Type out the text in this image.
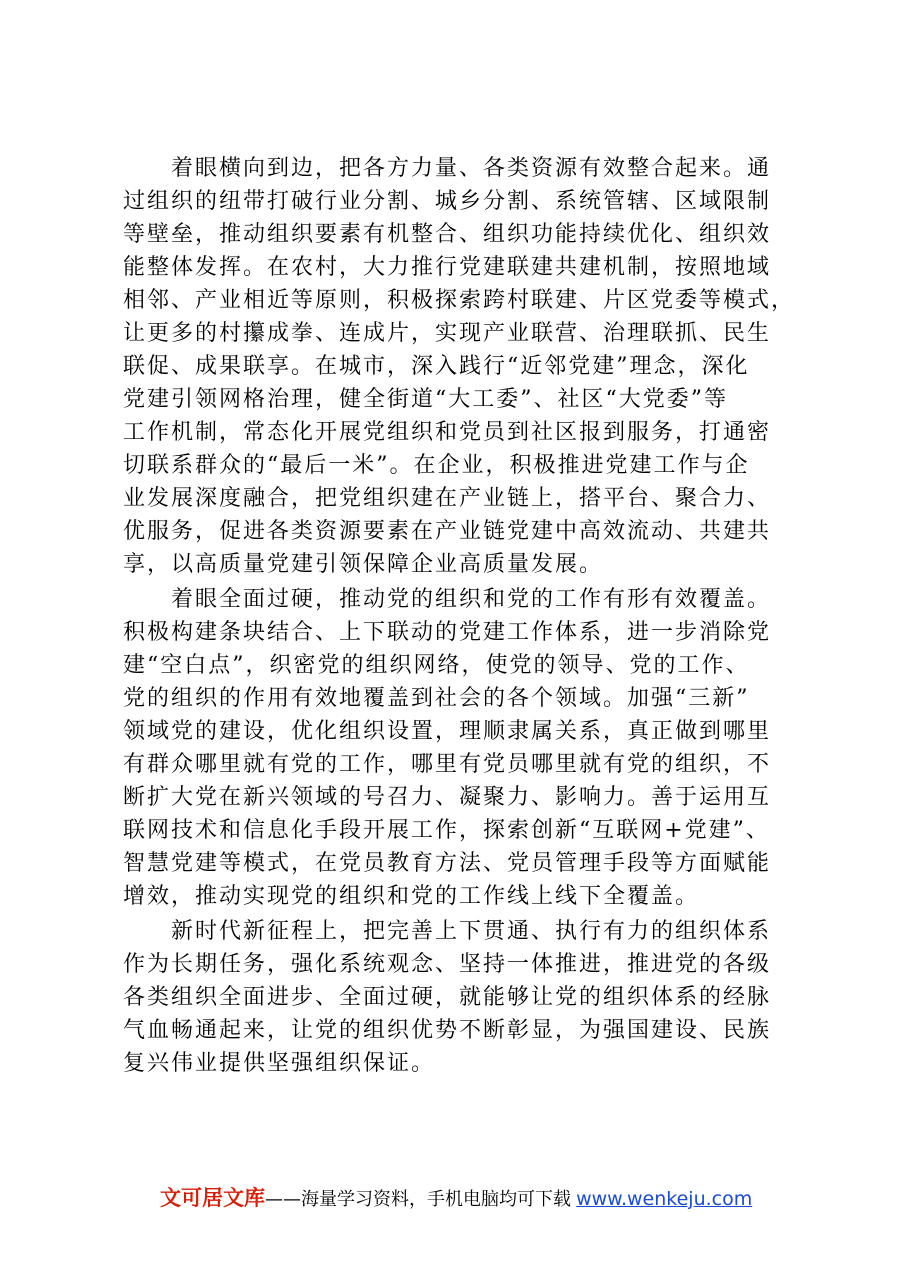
　　着眼横向到边，把各方力量、各类资源有效整合起来。通
过组织的纽带打破行业分割、城乡分割、系统管辖、区域限制
等壁垒，推动组织要素有机整合、组织功能持续优化、组织效
能整体发挥。在农村，大力推行党建联建共建机制，按照地域
相邻、产业相近等原则，积极探索跨村联建、片区党委等模式，
让更多的村攥成拳、连成片，实现产业联营、治理联抓、民生
联促、成果联享。在城市，深入践行“近邻党建”理念，深化
党建引领网格治理，健全街道“大工委”、社区“大党委”等
工作机制，常态化开展党组织和党员到社区报到服务，打通密
切联系群众的“最后一米”。在企业，积极推进党建工作与企
业发展深度融合，把党组织建在产业链上，搭平台、聚合力、
优服务，促进各类资源要素在产业链党建中高效流动、共建共
享，以高质量党建引领保障企业高质量发展。
　　着眼全面过硬，推动党的组织和党的工作有形有效覆盖。
积极构建条块结合、上下联动的党建工作体系，进一步消除党
建“空白点”，织密党的组织网络，使党的领导、党的工作、
党的组织的作用有效地覆盖到社会的各个领域。加强“三新”
领域党的建设，优化组织设置，理顺隶属关系，真正做到哪里
有群众哪里就有党的工作，哪里有党员哪里就有党的组织，不
断扩大党在新兴领域的号召力、凝聚力、影响力。善于运用互
联网技术和信息化手段开展工作，探索创新“互联网+党建”、
智慧党建等模式，在党员教育方法、党员管理手段等方面赋能
增效，推动实现党的组织和党的工作线上线下全覆盖。
　　新时代新征程上，把完善上下贯通、执行有力的组织体系
作为长期任务，强化系统观念、坚持一体推进，推进党的各级
各类组织全面进步、全面过硬，就能够让党的组织体系的经脉
气血畅通起来，让党的组织优势不断彰显，为强国建设、民族
复兴伟业提供坚强组织保证。
文可居文库——海量学习资料，手机电脑均可下载 www.wenkeju.com
